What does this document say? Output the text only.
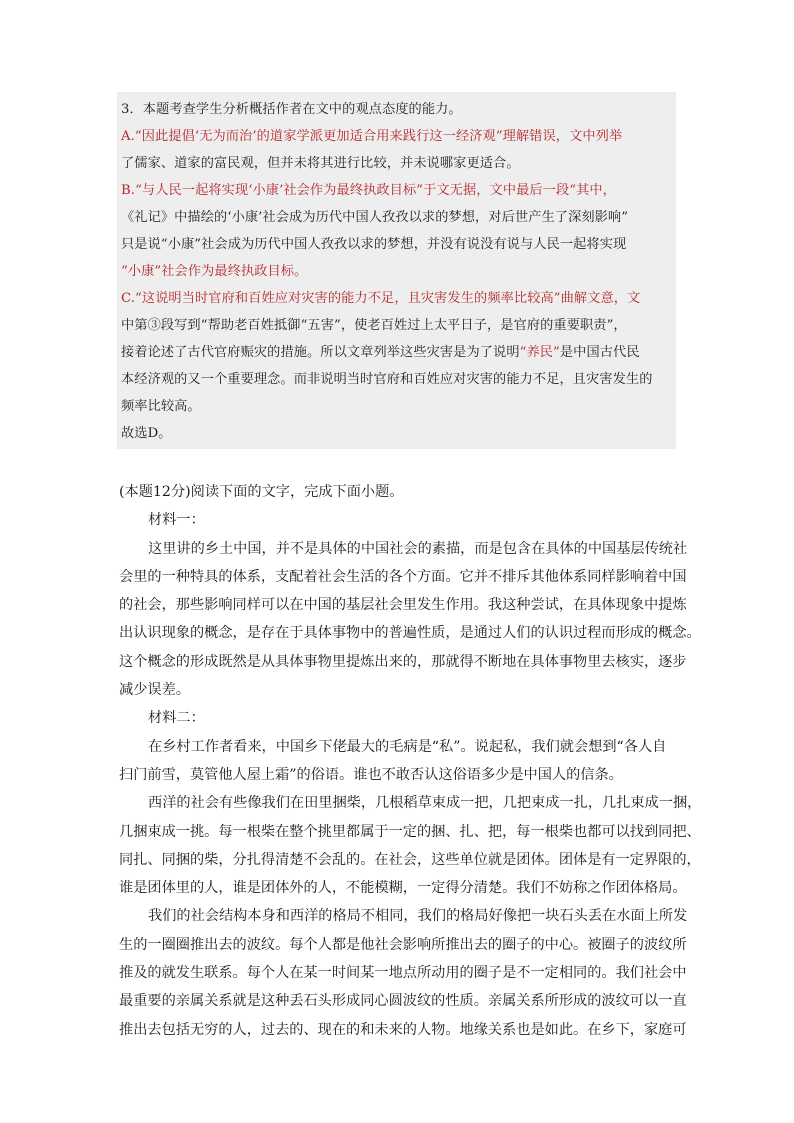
3．本题考查学生分析概括作者在文中的观点态度的能力。
A.“因此提倡‘无为而治’的道家学派更加适合用来践行这一经济观”理解错误，文中列举
了儒家、道家的富民观，但并未将其进行比较，并未说哪家更适合。
B.“与人民一起将实现‘小康’社会作为最终执政目标”于文无据，文中最后一段“其中，
《礼记》中描绘的‘小康’社会成为历代中国人孜孜以求的梦想，对后世产生了深刻影响”
只是说“小康”社会成为历代中国人孜孜以求的梦想，并没有说没有说与人民一起将实现
“小康”社会作为最终执政目标。
C.“这说明当时官府和百姓应对灾害的能力不足，且灾害发生的频率比较高”曲解文意，文
中第③段写到“帮助老百姓抵御“五害”，使老百姓过上太平日子，是官府的重要职责”，
接着论述了古代官府赈灾的措施。所以文章列举这些灾害是为了说明“养民”是中国古代民
本经济观的又一个重要理念。而非说明当时官府和百姓应对灾害的能力不足，且灾害发生的
频率比较高。
故选D。
(本题12分)阅读下面的文字，完成下面小题。
材料一：
这里讲的乡土中国，并不是具体的中国社会的素描，而是包含在具体的中国基层传统社
会里的一种特具的体系，支配着社会生活的各个方面。它并不排斥其他体系同样影响着中国
的社会，那些影响同样可以在中国的基层社会里发生作用。我这种尝试，在具体现象中提炼
出认识现象的概念，是存在于具体事物中的普遍性质，是通过人们的认识过程而形成的概念。
这个概念的形成既然是从具体事物里提炼出来的，那就得不断地在具体事物里去核实，逐步
减少误差。
材料二：
在乡村工作者看来，中国乡下佬最大的毛病是“私”。说起私，我们就会想到“各人自
扫门前雪，莫管他人屋上霜”的俗语。谁也不敢否认这俗语多少是中国人的信条。
西洋的社会有些像我们在田里捆柴，几根稻草束成一把，几把束成一扎，几扎束成一捆，
几捆束成一挑。每一根柴在整个挑里都属于一定的捆、扎、把，每一根柴也都可以找到同把、
同扎、同捆的柴，分扎得清楚不会乱的。在社会，这些单位就是团体。团体是有一定界限的，
谁是团体里的人，谁是团体外的人，不能模糊，一定得分清楚。我们不妨称之作团体格局。
我们的社会结构本身和西洋的格局不相同，我们的格局好像把一块石头丢在水面上所发
生的一圈圈推出去的波纹。每个人都是他社会影响所推出去的圈子的中心。被圈子的波纹所
推及的就发生联系。每个人在某一时间某一地点所动用的圈子是不一定相同的。我们社会中
最重要的亲属关系就是这种丢石头形成同心圆波纹的性质。亲属关系所形成的波纹可以一直
推出去包括无穷的人，过去的、现在的和未来的人物。地缘关系也是如此。在乡下，家庭可
